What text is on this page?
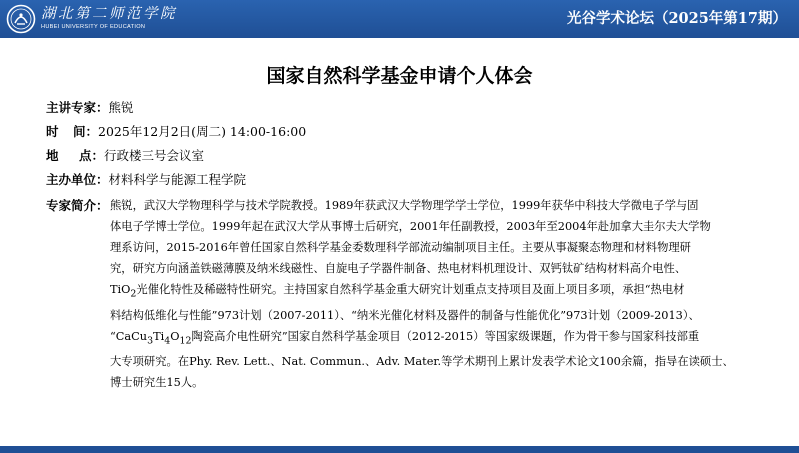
湖北第二师范学院
HUBEI UNIVERSITY OF EDUCATION	光谷学术论坛（2025年第17期）
国家自然科学基金申请个人体会
主讲专家：熊锐
时 间：2025年12月2日(周二) 14:00-16:00
地 点：行政楼三号会议室
主办单位：材料科学与能源工程学院
专家简介： 熊锐，武汉大学物理科学与技术学院教授。1989年获武汉大学物理学学士学位，1999年获华中科技大学微电子学与固
体电子学博士学位。1999年起在武汉大学从事博士后研究，2001年任副教授，2003年至2004年赴加拿大圭尔夫大学物
理系访问，2015-2016年曾任国家自然科学基金委数理科学部流动编制项目主任。主要从事凝聚态物理和材料物理研
究，研究方向涵盖铁磁薄膜及纳米线磁性、自旋电子学器件制备、热电材料机理设计、双钙钛矿结构材料高介电性、
TiO$_2$光催化特性及稀磁特性研究。主持国家自然科学基金重大研究计划重点支持项目及面上项目多项，承担“热电材
料结构低维化与性能”973计划（2007-2011）、“纳米光催化材料及器件的制备与性能优化”973计划（2009-2013）、
“$CaCu_3Ti_4O_{12}$陶瓷高介电性研究”国家自然科学基金项目（2012-2015）等国家级课题，作为骨干参与国家科技部重
大专项研究。在Phy. Rev. Lett.、Nat. Commun.、Adv. Mater.等学术期刊上累计发表学术论文100余篇，指导在读硕士、
博士研究生15人。
